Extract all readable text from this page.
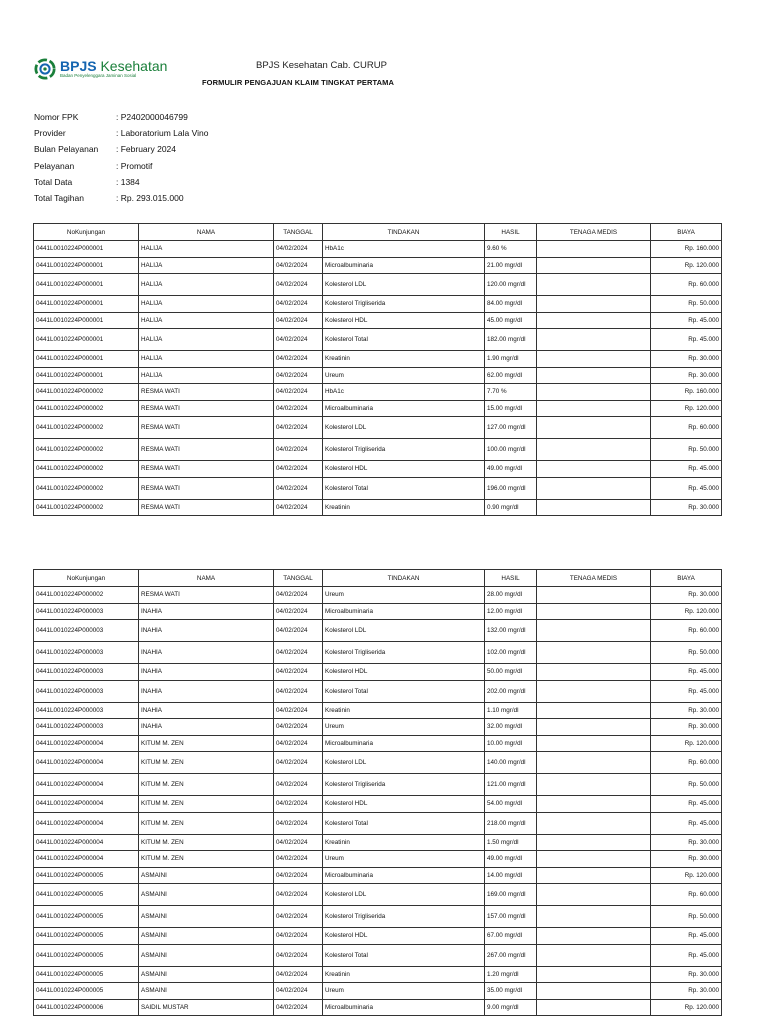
BPJS Kesehatan
Badan Penyelenggara Jaminan Sosial
BPJS Kesehatan Cab. CURUP
FORMULIR PENGAJUAN KLAIM TINGKAT PERTAMA
Nomor FPK	: P2402000046799
Provider	: Laboratorium Lala Vino
Bulan Pelayanan	: February 2024
Pelayanan	: Promotif
Total Data	: 1384
Total Tagihan	: Rp. 293.015.000
NoKunjungan	NAMA	TANGGAL	TINDAKAN	HASIL	TENAGA MEDIS	BIAYA
0441L0010224P000001	HALIJA	04/02/2024	HbA1c	9.60 %		Rp. 160.000
0441L0010224P000001	HALIJA	04/02/2024	Microalbuminaria	21.00 mgr/dl		Rp. 120.000
0441L0010224P000001	HALIJA	04/02/2024	Kolesterol LDL	120.00 mgr/dl		Rp. 60.000
0441L0010224P000001	HALIJA	04/02/2024	Kolesterol Trigliserida	84.00 mgr/dl		Rp. 50.000
0441L0010224P000001	HALIJA	04/02/2024	Kolesterol HDL	45.00 mgr/dl		Rp. 45.000
0441L0010224P000001	HALIJA	04/02/2024	Kolesterol Total	182.00 mgr/dl		Rp. 45.000
0441L0010224P000001	HALIJA	04/02/2024	Kreatinin	1.90 mgr/dl		Rp. 30.000
0441L0010224P000001	HALIJA	04/02/2024	Ureum	62.00 mgr/dl		Rp. 30.000
0441L0010224P000002	RESMA WATI	04/02/2024	HbA1c	7.70 %		Rp. 160.000
0441L0010224P000002	RESMA WATI	04/02/2024	Microalbuminaria	15.00 mgr/dl		Rp. 120.000
0441L0010224P000002	RESMA WATI	04/02/2024	Kolesterol LDL	127.00 mgr/dl		Rp. 60.000
0441L0010224P000002	RESMA WATI	04/02/2024	Kolesterol Trigliserida	100.00 mgr/dl		Rp. 50.000
0441L0010224P000002	RESMA WATI	04/02/2024	Kolesterol HDL	49.00 mgr/dl		Rp. 45.000
0441L0010224P000002	RESMA WATI	04/02/2024	Kolesterol Total	196.00 mgr/dl		Rp. 45.000
0441L0010224P000002	RESMA WATI	04/02/2024	Kreatinin	0.90 mgr/dl		Rp. 30.000
NoKunjungan	NAMA	TANGGAL	TINDAKAN	HASIL	TENAGA MEDIS	BIAYA
0441L0010224P000002	RESMA WATI	04/02/2024	Ureum	28.00 mgr/dl		Rp. 30.000
0441L0010224P000003	INAHIA	04/02/2024	Microalbuminaria	12.00 mgr/dl		Rp. 120.000
0441L0010224P000003	INAHIA	04/02/2024	Kolesterol LDL	132.00 mgr/dl		Rp. 60.000
0441L0010224P000003	INAHIA	04/02/2024	Kolesterol Trigliserida	102.00 mgr/dl		Rp. 50.000
0441L0010224P000003	INAHIA	04/02/2024	Kolesterol HDL	50.00 mgr/dl		Rp. 45.000
0441L0010224P000003	INAHIA	04/02/2024	Kolesterol Total	202.00 mgr/dl		Rp. 45.000
0441L0010224P000003	INAHIA	04/02/2024	Kreatinin	1.10 mgr/dl		Rp. 30.000
0441L0010224P000003	INAHIA	04/02/2024	Ureum	32.00 mgr/dl		Rp. 30.000
0441L0010224P000004	KITUM M. ZEN	04/02/2024	Microalbuminaria	10.00 mgr/dl		Rp. 120.000
0441L0010224P000004	KITUM M. ZEN	04/02/2024	Kolesterol LDL	140.00 mgr/dl		Rp. 60.000
0441L0010224P000004	KITUM M. ZEN	04/02/2024	Kolesterol Trigliserida	121.00 mgr/dl		Rp. 50.000
0441L0010224P000004	KITUM M. ZEN	04/02/2024	Kolesterol HDL	54.00 mgr/dl		Rp. 45.000
0441L0010224P000004	KITUM M. ZEN	04/02/2024	Kolesterol Total	218.00 mgr/dl		Rp. 45.000
0441L0010224P000004	KITUM M. ZEN	04/02/2024	Kreatinin	1.50 mgr/dl		Rp. 30.000
0441L0010224P000004	KITUM M. ZEN	04/02/2024	Ureum	49.00 mgr/dl		Rp. 30.000
0441L0010224P000005	ASMAINI	04/02/2024	Microalbuminaria	14.00 mgr/dl		Rp. 120.000
0441L0010224P000005	ASMAINI	04/02/2024	Kolesterol LDL	169.00 mgr/dl		Rp. 60.000
0441L0010224P000005	ASMAINI	04/02/2024	Kolesterol Trigliserida	157.00 mgr/dl		Rp. 50.000
0441L0010224P000005	ASMAINI	04/02/2024	Kolesterol HDL	67.00 mgr/dl		Rp. 45.000
0441L0010224P000005	ASMAINI	04/02/2024	Kolesterol Total	267.00 mgr/dl		Rp. 45.000
0441L0010224P000005	ASMAINI	04/02/2024	Kreatinin	1.20 mgr/dl		Rp. 30.000
0441L0010224P000005	ASMAINI	04/02/2024	Ureum	35.00 mgr/dl		Rp. 30.000
0441L0010224P000006	SAIDIL MUSTAR	04/02/2024	Microalbuminaria	9.00 mgr/dl		Rp. 120.000
